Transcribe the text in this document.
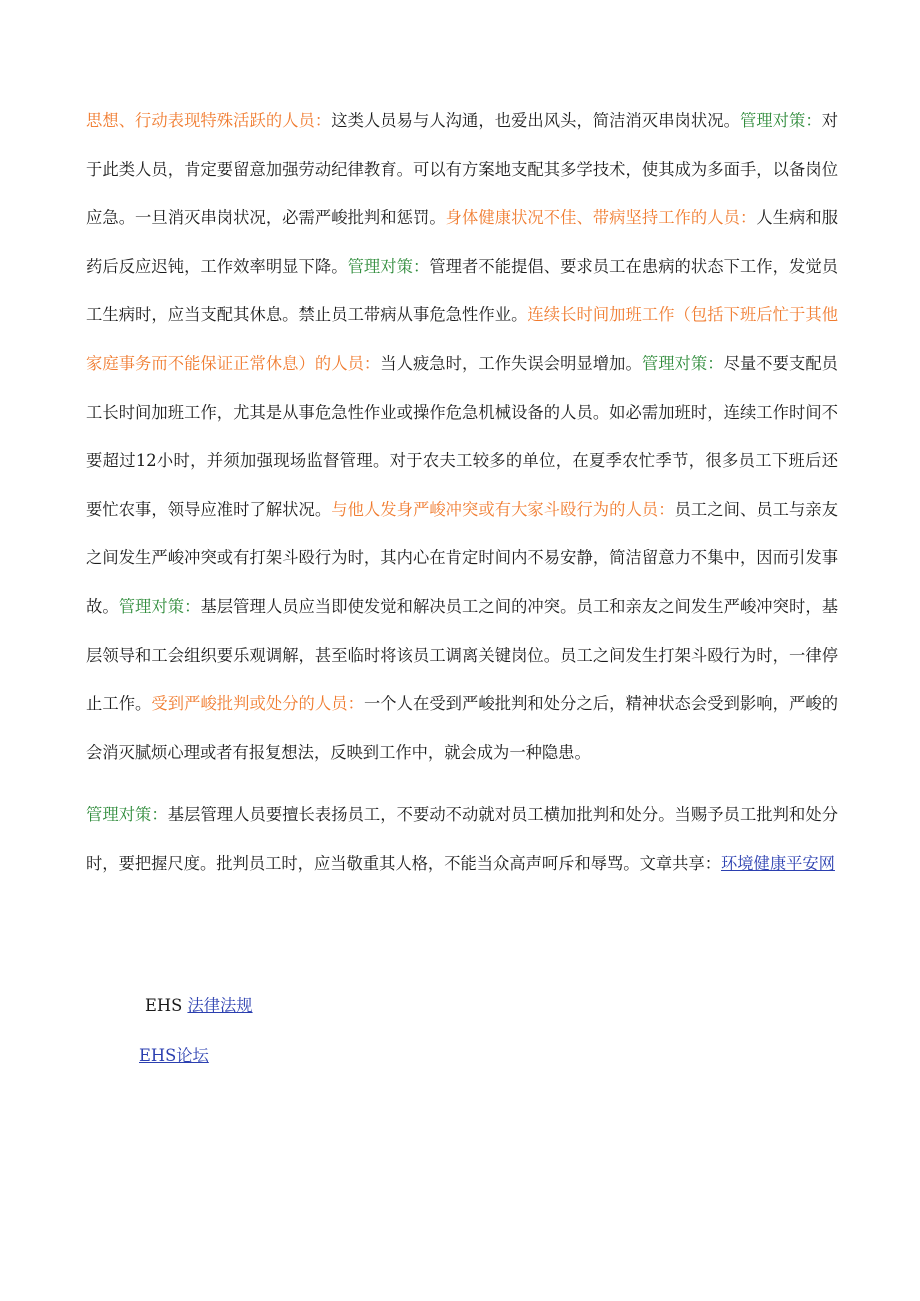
思想、行动表现特殊活跃的人员：这类人员易与人沟通，也爱出风头，简洁消灭串岗状况。管理对策：对于此类人员，肯定要留意加强劳动纪律教育。可以有方案地支配其多学技术，使其成为多面手，以备岗位应急。一旦消灭串岗状况，必需严峻批判和惩罚。身体健康状况不佳、带病坚持工作的人员：人生病和服药后反应迟钝，工作效率明显下降。管理对策：管理者不能提倡、要求员工在患病的状态下工作，发觉员工生病时，应当支配其休息。禁止员工带病从事危急性作业。连续长时间加班工作（包括下班后忙于其他家庭事务而不能保证正常休息）的人员：当人疲急时，工作失误会明显增加。管理对策：尽量不要支配员工长时间加班工作，尤其是从事危急性作业或操作危急机械设备的人员。如必需加班时，连续工作时间不要超过12小时，并须加强现场监督管理。对于农夫工较多的单位，在夏季农忙季节，很多员工下班后还要忙农事，领导应准时了解状况。与他人发身严峻冲突或有大家斗殴行为的人员：员工之间、员工与亲友之间发生严峻冲突或有打架斗殴行为时，其内心在肯定时间内不易安静，简洁留意力不集中，因而引发事故。管理对策：基层管理人员应当即使发觉和解决员工之间的冲突。员工和亲友之间发生严峻冲突时，基层领导和工会组织要乐观调解，甚至临时将该员工调离关键岗位。员工之间发生打架斗殴行为时，一律停止工作。受到严峻批判或处分的人员：一个人在受到严峻批判和处分之后，精神状态会受到影响，严峻的会消灭腻烦心理或者有报复想法，反映到工作中，就会成为一种隐患。

管理对策：基层管理人员要擅长表扬员工，不要动不动就对员工横加批判和处分。当赐予员工批判和处分时，要把握尺度。批判员工时，应当敬重其人格，不能当众高声呵斥和辱骂。文章共享：环境健康平安网

EHS 法律法规

EHS论坛
